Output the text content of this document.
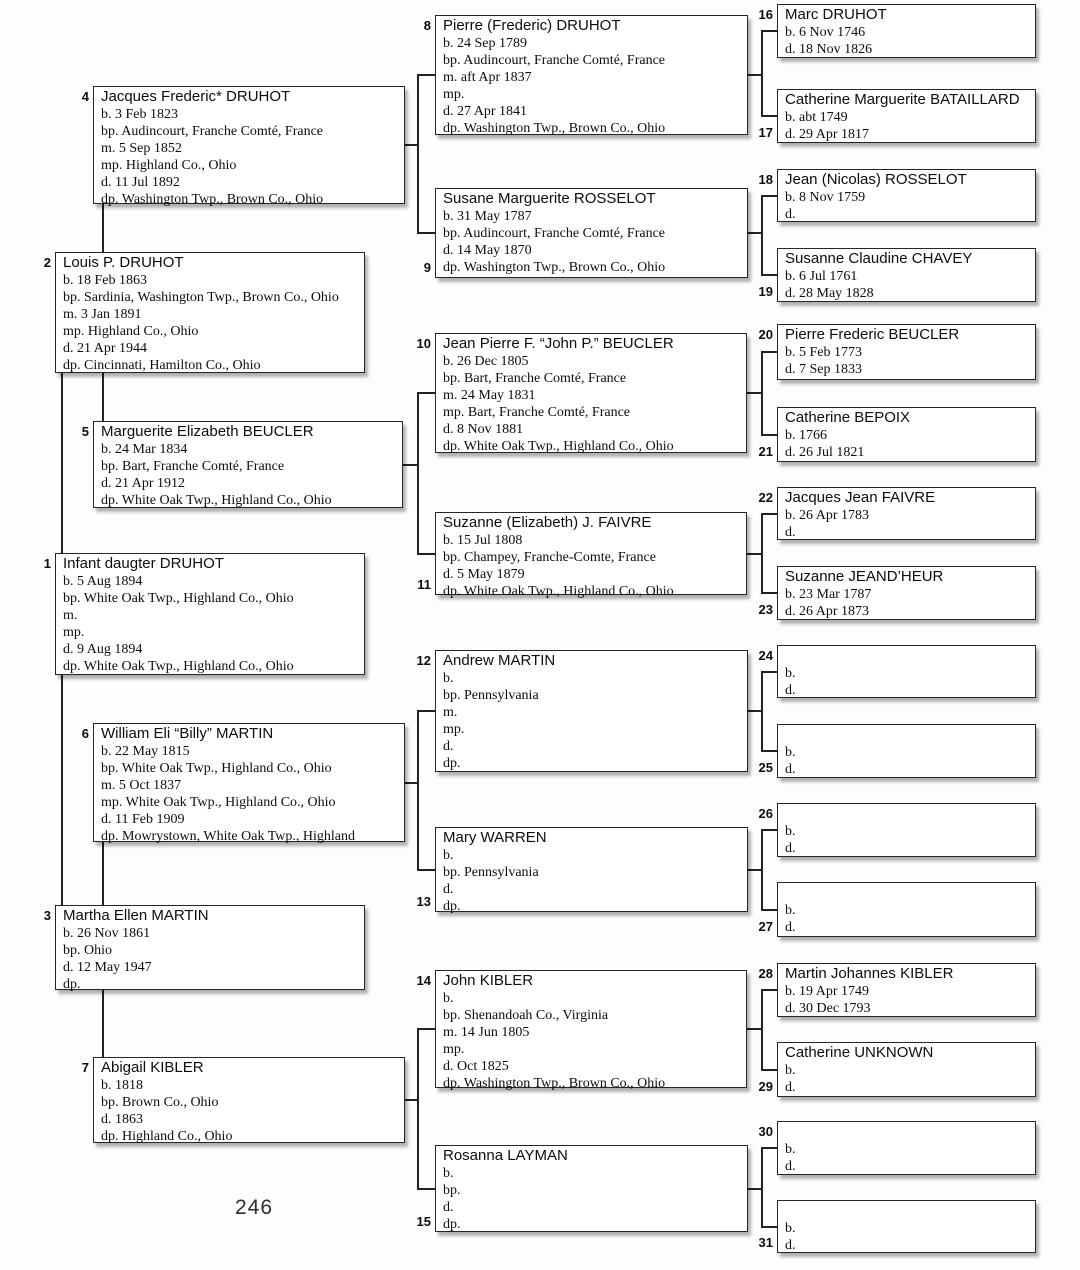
246
Infant daugter DRUHOT
b. 5 Aug 1894
bp. White Oak Twp., Highland Co., Ohio
m.
mp.
d. 9 Aug 1894
dp. White Oak Twp., Highland Co., Ohio
1
Louis P. DRUHOT
b. 18 Feb 1863
bp. Sardinia, Washington Twp., Brown Co., Ohio
m. 3 Jan 1891
mp. Highland Co., Ohio
d. 21 Apr 1944
dp. Cincinnati, Hamilton Co., Ohio
2
Martha Ellen MARTIN
b. 26 Nov 1861
bp. Ohio
d. 12 May 1947
dp.
3
Jacques Frederic* DRUHOT
b. 3 Feb 1823
bp. Audincourt, Franche Comté, France
m. 5 Sep 1852
mp. Highland Co., Ohio
d. 11 Jul 1892
dp. Washington Twp., Brown Co., Ohio
4
Marguerite Elizabeth BEUCLER
b. 24 Mar 1834
bp. Bart, Franche Comté, France
d. 21 Apr 1912
dp. White Oak Twp., Highland Co., Ohio
5
William Eli “Billy” MARTIN
b. 22 May 1815
bp. White Oak Twp., Highland Co., Ohio
m. 5 Oct 1837
mp. White Oak Twp., Highland Co., Ohio
d. 11 Feb 1909
dp. Mowrystown, White Oak Twp., Highland
6
Abigail KIBLER
b. 1818
bp. Brown Co., Ohio
d. 1863
dp. Highland Co., Ohio
7
Pierre (Frederic) DRUHOT
b. 24 Sep 1789
bp. Audincourt, Franche Comté, France
m. aft Apr 1837
mp.
d. 27 Apr 1841
dp. Washington Twp., Brown Co., Ohio
8
Susane Marguerite ROSSELOT
b. 31 May 1787
bp. Audincourt, Franche Comté, France
d. 14 May 1870
dp. Washington Twp., Brown Co., Ohio
9
Jean Pierre F. “John P.” BEUCLER
b. 26 Dec 1805
bp. Bart, Franche Comté, France
m. 24 May 1831
mp. Bart, Franche Comté, France
d. 8 Nov 1881
dp. White Oak Twp., Highland Co., Ohio
10
Suzanne (Elizabeth) J. FAIVRE
b. 15 Jul 1808
bp. Champey, Franche-Comte, France
d. 5 May 1879
dp. White Oak Twp., Highland Co., Ohio
11
Andrew MARTIN
b.
bp. Pennsylvania
m.
mp.
d.
dp.
12
Mary WARREN
b.
bp. Pennsylvania
d.
dp.
13
John KIBLER
b.
bp. Shenandoah Co., Virginia
m. 14 Jun 1805
mp.
d. Oct 1825
dp. Washington Twp., Brown Co., Ohio
14
Rosanna LAYMAN
b.
bp.
d.
dp.
15
Marc DRUHOT
b. 6 Nov 1746
d. 18 Nov 1826
16
Catherine Marguerite BATAILLARD
b. abt 1749
d. 29 Apr 1817
17
Jean (Nicolas) ROSSELOT
b. 8 Nov 1759
d.
18
Susanne Claudine CHAVEY
b. 6 Jul 1761
d. 28 May 1828
19
Pierre Frederic BEUCLER
b. 5 Feb 1773
d. 7 Sep 1833
20
Catherine BEPOIX
b. 1766
d. 26 Jul 1821
21
Jacques Jean FAIVRE
b. 26 Apr 1783
d.
22
Suzanne JEAND’HEUR
b. 23 Mar 1787
d. 26 Apr 1873
23
b.
d.
24
b.
d.
25
b.
d.
26
b.
d.
27
Martin Johannes KIBLER
b. 19 Apr 1749
d. 30 Dec 1793
28
Catherine UNKNOWN
b.
d.
29
b.
d.
30
b.
d.
31
